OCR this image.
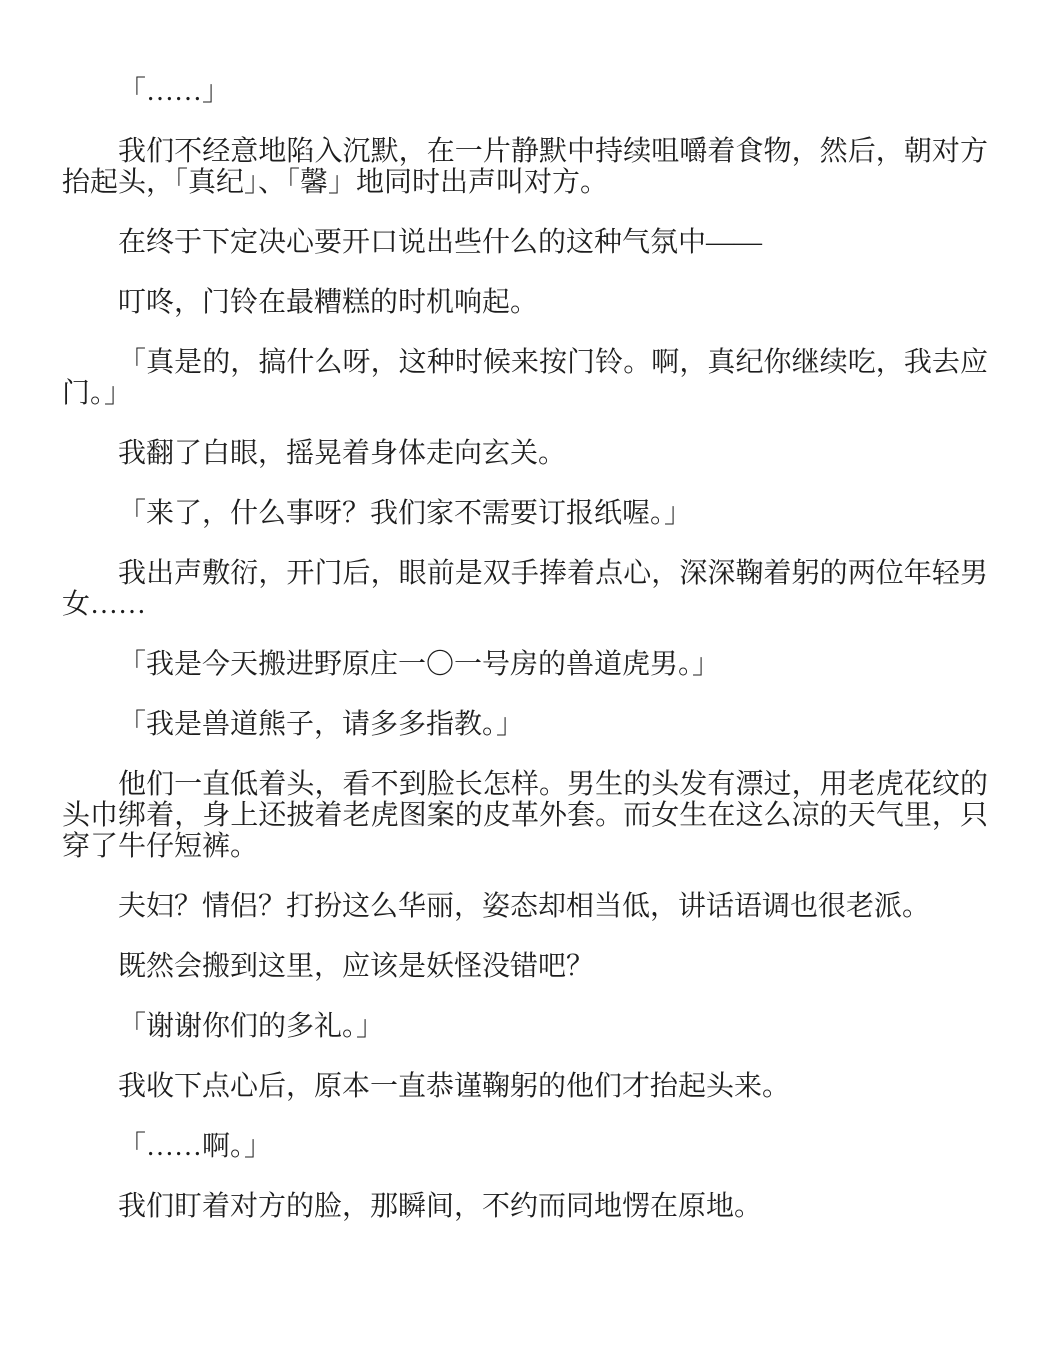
「……」

我们不经意地陷入沉默，在一片静默中持续咀嚼着食物，然后，朝对方抬起头，「真纪」、「馨」地同时出声叫对方。

在终于下定决心要开口说出些什么的这种气氛中——

叮咚，门铃在最糟糕的时机响起。

「真是的，搞什么呀，这种时候来按门铃。啊，真纪你继续吃，我去应门。」

我翻了白眼，摇晃着身体走向玄关。

「来了，什么事呀？我们家不需要订报纸喔。」

我出声敷衍，开门后，眼前是双手捧着点心，深深鞠着躬的两位年轻男女……

「我是今天搬进野原庄一〇一号房的兽道虎男。」

「我是兽道熊子，请多多指教。」

他们一直低着头，看不到脸长怎样。男生的头发有漂过，用老虎花纹的头巾绑着，身上还披着老虎图案的皮革外套。而女生在这么凉的天气里，只穿了牛仔短裤。

夫妇？情侣？打扮这么华丽，姿态却相当低，讲话语调也很老派。

既然会搬到这里，应该是妖怪没错吧？

「谢谢你们的多礼。」

我收下点心后，原本一直恭谨鞠躬的他们才抬起头来。

「……啊。」

我们盯着对方的脸，那瞬间，不约而同地愣在原地。
